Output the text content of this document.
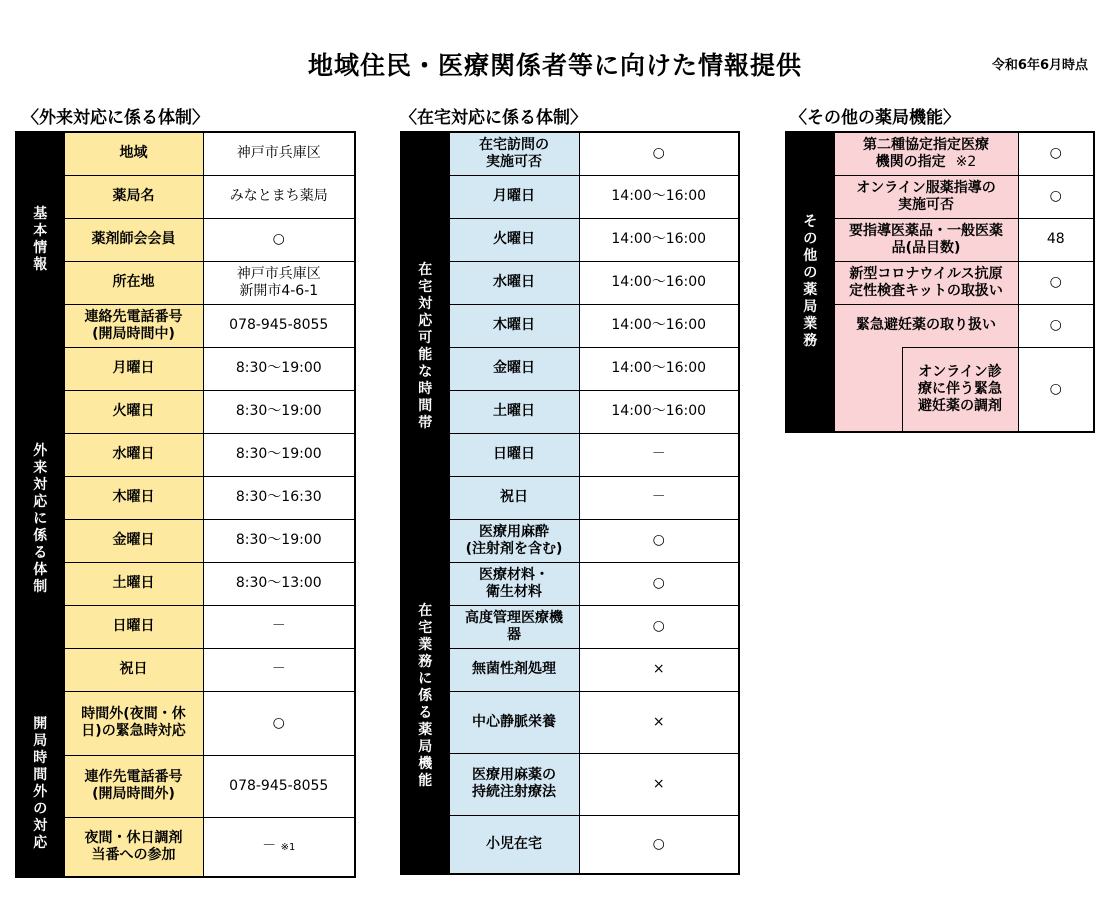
地域住民・医療関係者等に向けた情報提供	令和6年6月時点
〈外来対応に係る体制〉	〈在宅対応に係る体制〉	〈その他の薬局機能〉
基本情報	地域	神戸市兵庫区
	薬局名	みなとまち薬局
	薬剤師会会員	○
	所在地	神戸市兵庫区
新開市4-6-1
	連絡先電話番号
(開局時間中)	078-945-8055
外来対応に係る体制	月曜日	8:30～19:00
	火曜日	8:30～19:00
	水曜日	8:30～19:00
	木曜日	8:30～16:30
	金曜日	8:30～19:00
	土曜日	8:30～13:00
	日曜日	－
	祝日	－
開局時間外の対応	時間外(夜間・休
日)の緊急時対応	○
	連作先電話番号
(開局時間外)	078-945-8055
	夜間・休日調剤
当番への参加	－ ※1
	在宅訪問の
実施可否	○
在宅対応可能な時間帯	月曜日	14:00～16:00
	火曜日	14:00～16:00
	水曜日	14:00～16:00
	木曜日	14:00～16:00
	金曜日	14:00～16:00
	土曜日	14:00～16:00
	日曜日	－
	祝日	－
在宅業務に係る薬局機能	医療用麻酔
(注射剤を含む)	○
	医療材料・
衛生材料	○
	高度管理医療機
器	○
	無菌性剤処理	×
	中心静脈栄養	×
	医療用麻薬の
持続注射療法	×
	小児在宅	○
その他の薬局業務	第二種協定指定医療
機関の指定 ※2		○
	オンライン服薬指導の
実施可否		○
	要指導医薬品・一般医薬
品(品目数)		48
	新型コロナウイルス抗原
定性検査キットの取扱い		○
	緊急避妊薬の取り扱い		○
		オンライン診
療に伴う緊急
避妊薬の調剤	○
